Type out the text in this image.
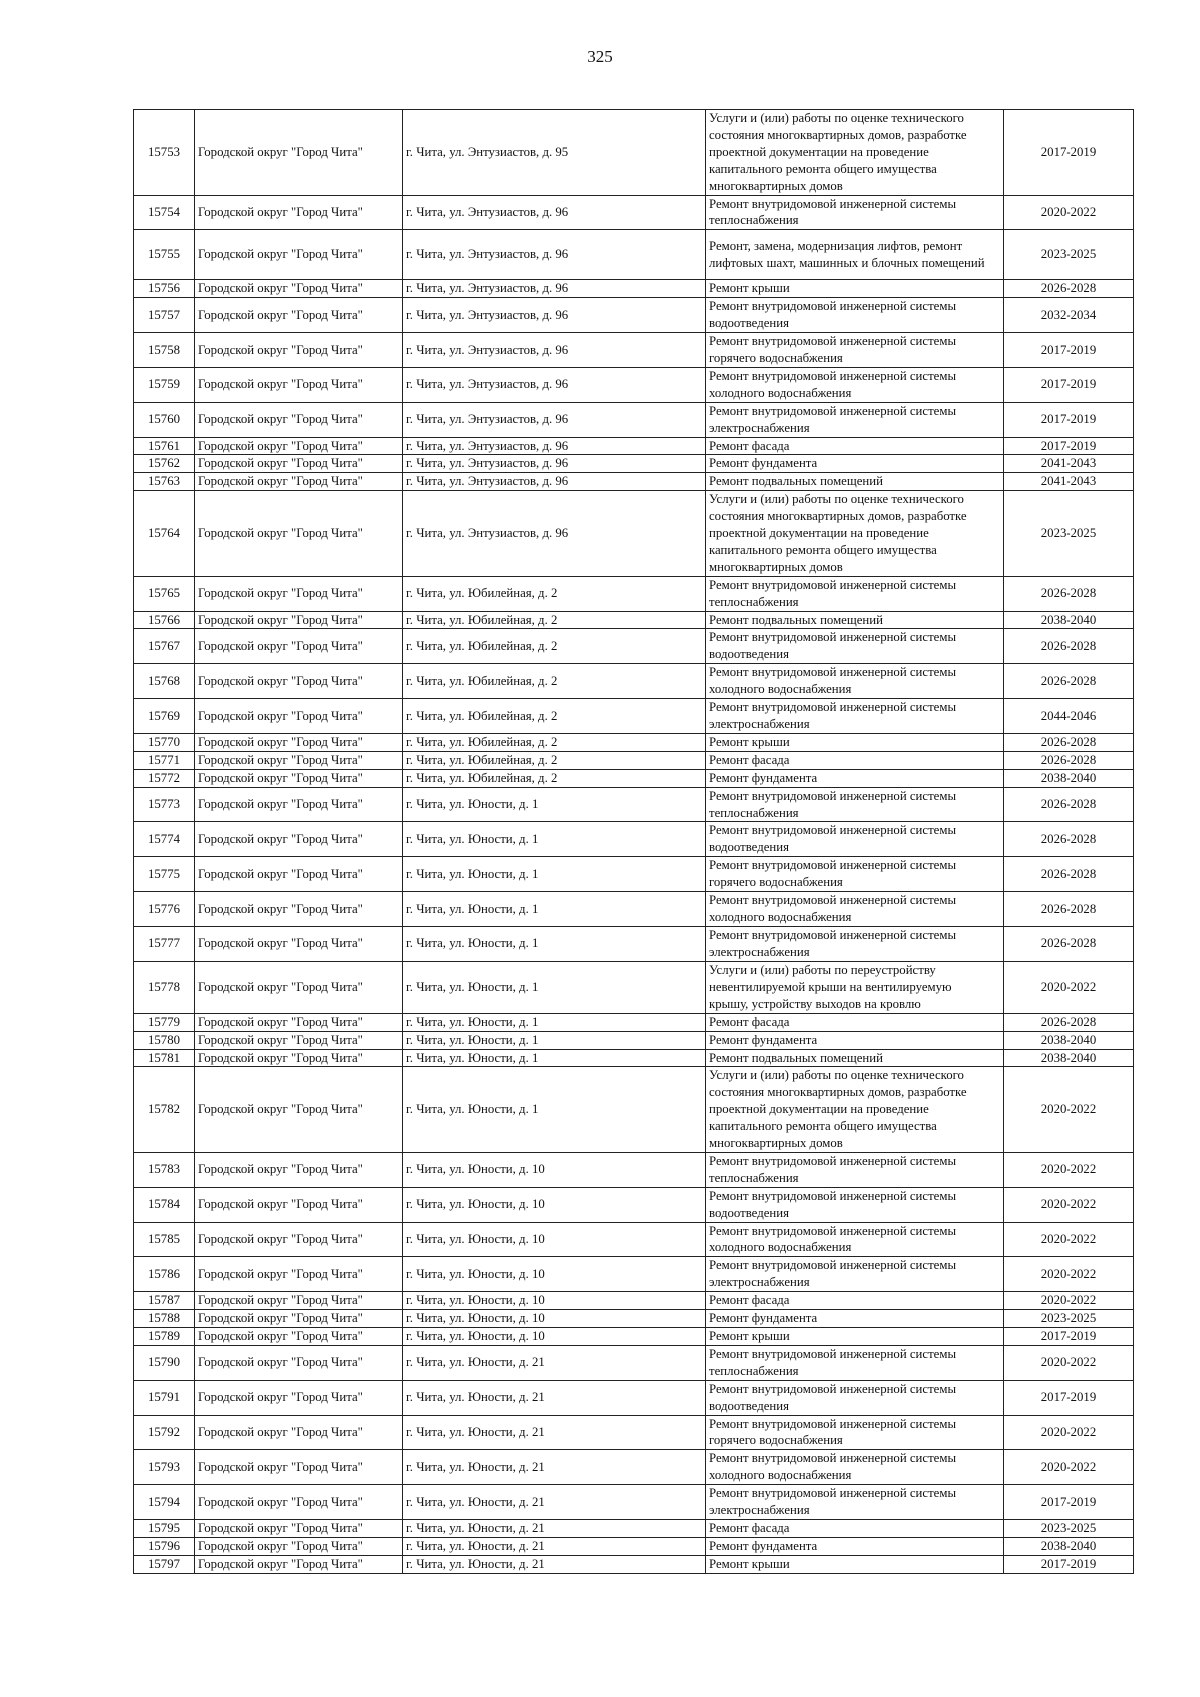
325
15753	Городской округ "Город Чита"	г. Чита, ул. Энтузиастов, д. 95	Услуги и (или) работы по оценке технического
состояния многоквартирных домов, разработке
проектной документации на проведение
капитального ремонта общего имущества
многоквартирных домов	2017-2019
15754	Городской округ "Город Чита"	г. Чита, ул. Энтузиастов, д. 96	Ремонт внутридомовой инженерной системы
теплоснабжения	2020-2022
15755	Городской округ "Город Чита"	г. Чита, ул. Энтузиастов, д. 96	Ремонт, замена, модернизация лифтов, ремонт
лифтовых шахт, машинных и блочных помещений	2023-2025
15756	Городской округ "Город Чита"	г. Чита, ул. Энтузиастов, д. 96	Ремонт крыши	2026-2028
15757	Городской округ "Город Чита"	г. Чита, ул. Энтузиастов, д. 96	Ремонт внутридомовой инженерной системы
водоотведения	2032-2034
15758	Городской округ "Город Чита"	г. Чита, ул. Энтузиастов, д. 96	Ремонт внутридомовой инженерной системы
горячего водоснабжения	2017-2019
15759	Городской округ "Город Чита"	г. Чита, ул. Энтузиастов, д. 96	Ремонт внутридомовой инженерной системы
холодного водоснабжения	2017-2019
15760	Городской округ "Город Чита"	г. Чита, ул. Энтузиастов, д. 96	Ремонт внутридомовой инженерной системы
электроснабжения	2017-2019
15761	Городской округ "Город Чита"	г. Чита, ул. Энтузиастов, д. 96	Ремонт фасада	2017-2019
15762	Городской округ "Город Чита"	г. Чита, ул. Энтузиастов, д. 96	Ремонт фундамента	2041-2043
15763	Городской округ "Город Чита"	г. Чита, ул. Энтузиастов, д. 96	Ремонт подвальных помещений	2041-2043
15764	Городской округ "Город Чита"	г. Чита, ул. Энтузиастов, д. 96	Услуги и (или) работы по оценке технического
состояния многоквартирных домов, разработке
проектной документации на проведение
капитального ремонта общего имущества
многоквартирных домов	2023-2025
15765	Городской округ "Город Чита"	г. Чита, ул. Юбилейная, д. 2	Ремонт внутридомовой инженерной системы
теплоснабжения	2026-2028
15766	Городской округ "Город Чита"	г. Чита, ул. Юбилейная, д. 2	Ремонт подвальных помещений	2038-2040
15767	Городской округ "Город Чита"	г. Чита, ул. Юбилейная, д. 2	Ремонт внутридомовой инженерной системы
водоотведения	2026-2028
15768	Городской округ "Город Чита"	г. Чита, ул. Юбилейная, д. 2	Ремонт внутридомовой инженерной системы
холодного водоснабжения	2026-2028
15769	Городской округ "Город Чита"	г. Чита, ул. Юбилейная, д. 2	Ремонт внутридомовой инженерной системы
электроснабжения	2044-2046
15770	Городской округ "Город Чита"	г. Чита, ул. Юбилейная, д. 2	Ремонт крыши	2026-2028
15771	Городской округ "Город Чита"	г. Чита, ул. Юбилейная, д. 2	Ремонт фасада	2026-2028
15772	Городской округ "Город Чита"	г. Чита, ул. Юбилейная, д. 2	Ремонт фундамента	2038-2040
15773	Городской округ "Город Чита"	г. Чита, ул. Юности, д. 1	Ремонт внутридомовой инженерной системы
теплоснабжения	2026-2028
15774	Городской округ "Город Чита"	г. Чита, ул. Юности, д. 1	Ремонт внутридомовой инженерной системы
водоотведения	2026-2028
15775	Городской округ "Город Чита"	г. Чита, ул. Юности, д. 1	Ремонт внутридомовой инженерной системы
горячего водоснабжения	2026-2028
15776	Городской округ "Город Чита"	г. Чита, ул. Юности, д. 1	Ремонт внутридомовой инженерной системы
холодного водоснабжения	2026-2028
15777	Городской округ "Город Чита"	г. Чита, ул. Юности, д. 1	Ремонт внутридомовой инженерной системы
электроснабжения	2026-2028
15778	Городской округ "Город Чита"	г. Чита, ул. Юности, д. 1	Услуги и (или) работы по переустройству
невентилируемой крыши на вентилируемую
крышу, устройству выходов на кровлю	2020-2022
15779	Городской округ "Город Чита"	г. Чита, ул. Юности, д. 1	Ремонт фасада	2026-2028
15780	Городской округ "Город Чита"	г. Чита, ул. Юности, д. 1	Ремонт фундамента	2038-2040
15781	Городской округ "Город Чита"	г. Чита, ул. Юности, д. 1	Ремонт подвальных помещений	2038-2040
15782	Городской округ "Город Чита"	г. Чита, ул. Юности, д. 1	Услуги и (или) работы по оценке технического
состояния многоквартирных домов, разработке
проектной документации на проведение
капитального ремонта общего имущества
многоквартирных домов	2020-2022
15783	Городской округ "Город Чита"	г. Чита, ул. Юности, д. 10	Ремонт внутридомовой инженерной системы
теплоснабжения	2020-2022
15784	Городской округ "Город Чита"	г. Чита, ул. Юности, д. 10	Ремонт внутридомовой инженерной системы
водоотведения	2020-2022
15785	Городской округ "Город Чита"	г. Чита, ул. Юности, д. 10	Ремонт внутридомовой инженерной системы
холодного водоснабжения	2020-2022
15786	Городской округ "Город Чита"	г. Чита, ул. Юности, д. 10	Ремонт внутридомовой инженерной системы
электроснабжения	2020-2022
15787	Городской округ "Город Чита"	г. Чита, ул. Юности, д. 10	Ремонт фасада	2020-2022
15788	Городской округ "Город Чита"	г. Чита, ул. Юности, д. 10	Ремонт фундамента	2023-2025
15789	Городской округ "Город Чита"	г. Чита, ул. Юности, д. 10	Ремонт крыши	2017-2019
15790	Городской округ "Город Чита"	г. Чита, ул. Юности, д. 21	Ремонт внутридомовой инженерной системы
теплоснабжения	2020-2022
15791	Городской округ "Город Чита"	г. Чита, ул. Юности, д. 21	Ремонт внутридомовой инженерной системы
водоотведения	2017-2019
15792	Городской округ "Город Чита"	г. Чита, ул. Юности, д. 21	Ремонт внутридомовой инженерной системы
горячего водоснабжения	2020-2022
15793	Городской округ "Город Чита"	г. Чита, ул. Юности, д. 21	Ремонт внутридомовой инженерной системы
холодного водоснабжения	2020-2022
15794	Городской округ "Город Чита"	г. Чита, ул. Юности, д. 21	Ремонт внутридомовой инженерной системы
электроснабжения	2017-2019
15795	Городской округ "Город Чита"	г. Чита, ул. Юности, д. 21	Ремонт фасада	2023-2025
15796	Городской округ "Город Чита"	г. Чита, ул. Юности, д. 21	Ремонт фундамента	2038-2040
15797	Городской округ "Город Чита"	г. Чита, ул. Юности, д. 21	Ремонт крыши	2017-2019
